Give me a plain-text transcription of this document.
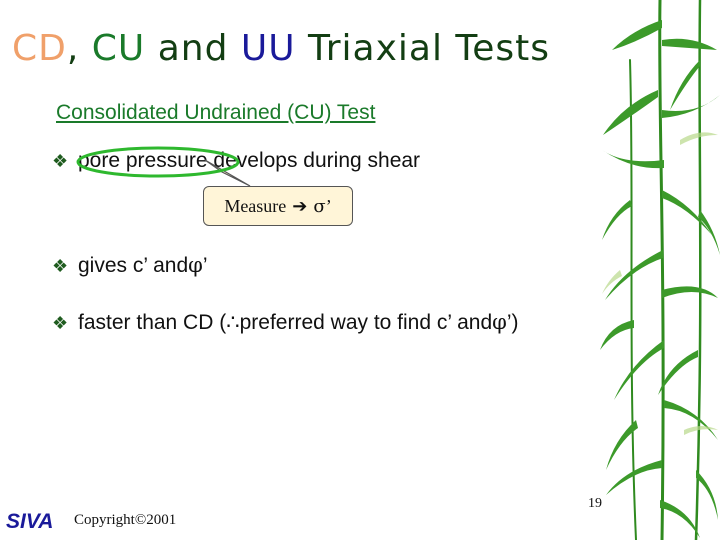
CD, CU and UU Triaxial Tests
Consolidated Undrained (CU) Test
❖ pore pressure develops during shear
Measure ➔ σ ’
❖ gives c’ and φ ’
❖ faster than CD ( ∴ preferred way to find c’ and φ ’)
19
SIVA Copyright©2001
